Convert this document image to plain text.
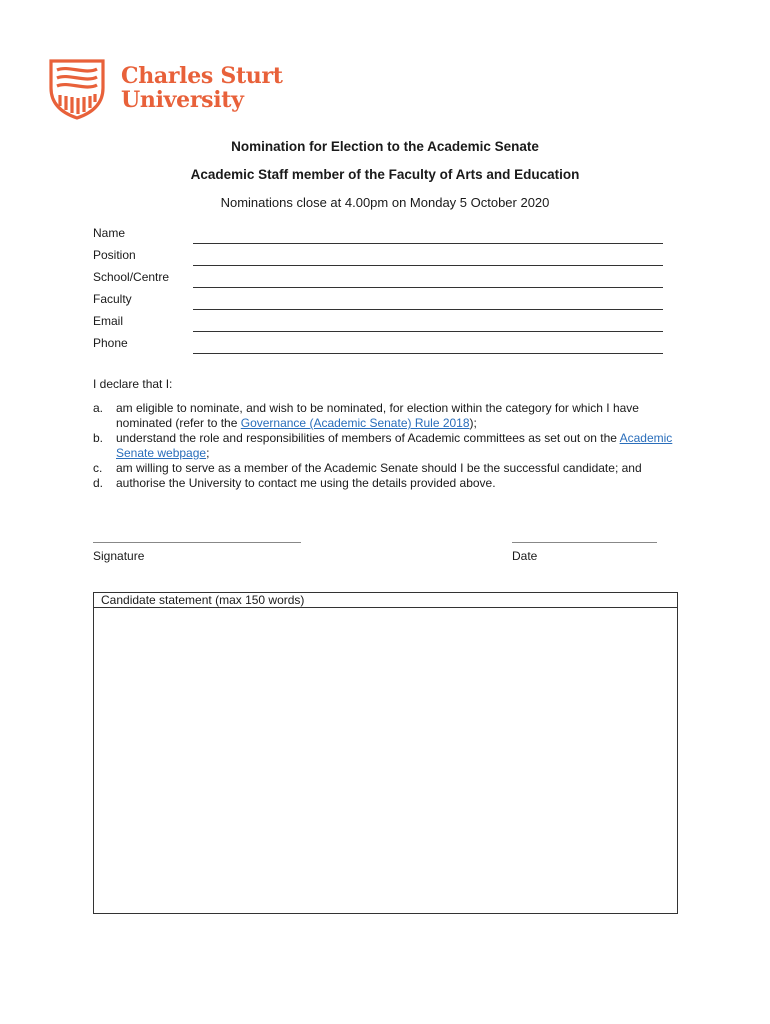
Charles Sturt
University
Nomination for Election to the Academic Senate
Academic Staff member of the Faculty of Arts and Education
Nominations close at 4.00pm on Monday 5 October 2020
Name
Position
School/Centre
Faculty
Email
Phone
I declare that I:
a. am eligible to nominate, and wish to be nominated, for election within the category for which I have nominated (refer to the Governance (Academic Senate) Rule 2018);
b. understand the role and responsibilities of members of Academic committees as set out on the Academic Senate webpage;
c. am willing to serve as a member of the Academic Senate should I be the successful candidate; and
d. authorise the University to contact me using the details provided above.
Signature	Date
Candidate statement (max 150 words)
